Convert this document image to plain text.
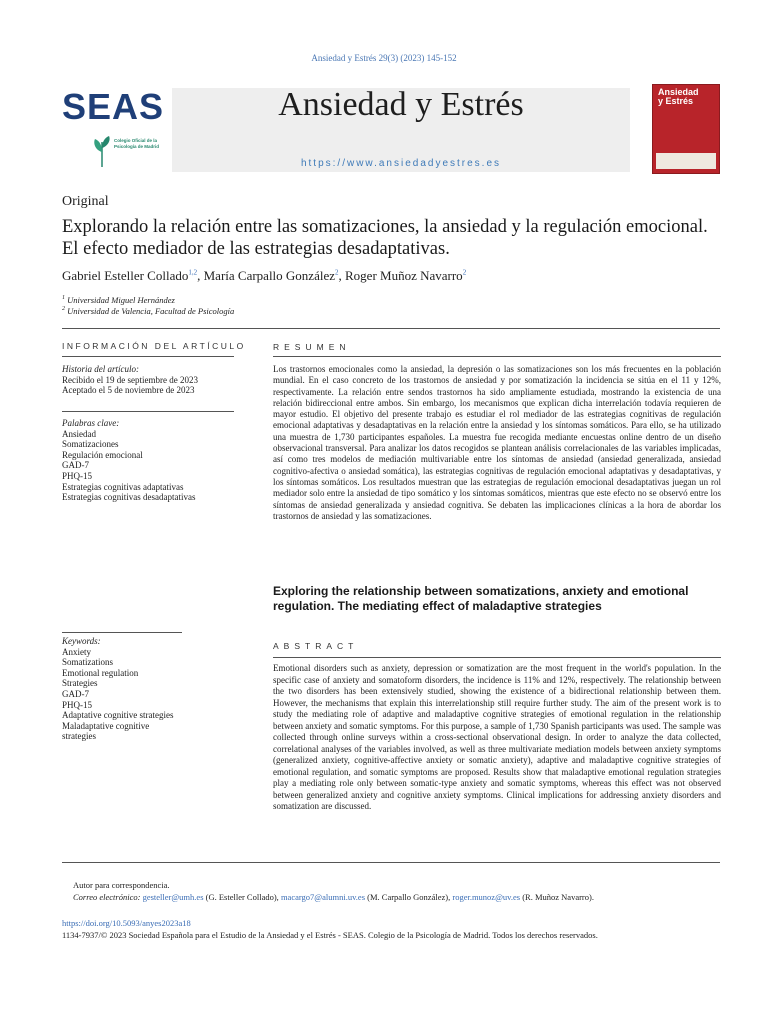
Ansiedad y Estrés 29(3) (2023) 145-152
SEAS
Colegio Oficial de la Psicología de Madrid
Ansiedad y Estrés
https://www.ansiedadyestres.es
Ansiedad
y Estrés
Original
Explorando la relación entre las somatizaciones, la ansiedad y la regulación emocional. El efecto mediador de las estrategias desadaptativas.
Gabriel Esteller Collado$^{1,2}$, María Carpallo González$^2$, Roger Muñoz Navarro$^2$
$^1$ Universidad Miguel Hernández
$^2$ Universidad de Valencia, Facultad de Psicología
INFORMACIÓN DEL ARTÍCULO
Historia del artículo:
Recibido el 19 de septiembre de 2023
Aceptado el 5 de noviembre de 2023
Palabras clave:
Ansiedad
Somatizaciones
Regulación emocional
GAD-7
PHQ-15
Estrategias cognitivas adaptativas
Estrategias cognitivas desadaptativas
Keywords:
Anxiety
Somatizations
Emotional regulation
Strategies
GAD-7
PHQ-15
Adaptative cognitive strategies
Maladaptative cognitive
strategies
RESUMEN
Los trastornos emocionales como la ansiedad, la depresión o las somatizaciones son los más frecuentes en la población mundial. En el caso concreto de los trastornos de ansiedad y por somatización la incidencia se sitúa en el 11 y 12%, respectivamente. La relación entre sendos trastornos ha sido ampliamente estudiada, mostrando la existencia de una relación bidireccional entre ambos. Sin embargo, los mecanismos que explican dicha interrelación todavía requieren de mayor estudio. El objetivo del presente trabajo es estudiar el rol mediador de las estrategias cognitivas de regulación emocional adaptativas y desadaptativas en la relación entre la ansiedad y los síntomas somáticos. Para ello, se ha utilizado una muestra de 1,730 participantes españoles. La muestra fue recogida mediante encuestas online dentro de un diseño observacional transversal. Para analizar los datos recogidos se plantean análisis correlacionales de las variables implicadas, así como tres modelos de mediación multivariable entre los síntomas de ansiedad (ansiedad generalizada, ansiedad cognitivo-afectiva o ansiedad somática), las estrategias cognitivas de regulación emocional adaptativas y desadaptativas, y los síntomas somáticos. Los resultados muestran que las estrategias de regulación emocional desadaptativas juegan un rol mediador solo entre la ansiedad de tipo somático y los síntomas somáticos, mientras que este efecto no se observó entre los síntomas de ansiedad generalizada y ansiedad cognitiva. Se debaten las implicaciones clínicas a la hora de abordar los trastornos de ansiedad y las somatizaciones.
Exploring the relationship between somatizations, anxiety and emotional regulation. The mediating effect of maladaptive strategies
ABSTRACT
Emotional disorders such as anxiety, depression or somatization are the most frequent in the world's population. In the specific case of anxiety and somatoform disorders, the incidence is 11% and 12%, respectively. The relationship between the two disorders has been extensively studied, showing the existence of a bidirectional relationship between them. However, the mechanisms that explain this interrelationship still require further study. The aim of the present work is to study the mediating role of adaptive and maladaptive cognitive strategies of emotional regulation in the relationship between anxiety and somatic symptoms. For this purpose, a sample of 1,730 Spanish participants was used. The sample was collected through online surveys within a cross-sectional observational design. In order to analyze the data collected, correlational analyses of the variables involved, as well as three multivariate mediation models between anxiety symptoms (generalized anxiety, cognitive-affective anxiety or somatic anxiety), adaptive and maladaptive cognitive strategies of emotional regulation, and somatic symptoms are proposed. Results show that maladaptive emotional regulation strategies play a mediating role only between somatic-type anxiety and somatic symptoms, whereas this effect was not observed between generalized anxiety and cognitive anxiety symptoms. Clinical implications for addressing anxiety disorders and somatization are discussed.
Autor para correspondencia.
Correo electrónico: gesteller@umh.es (G. Esteller Collado), macargo7@alumni.uv.es (M. Carpallo González), roger.munoz@uv.es (R. Muñoz Navarro).
https://doi.org/10.5093/anyes2023a18
1134-7937/© 2023 Sociedad Española para el Estudio de la Ansiedad y el Estrés - SEAS. Colegio de la Psicología de Madrid. Todos los derechos reservados.
